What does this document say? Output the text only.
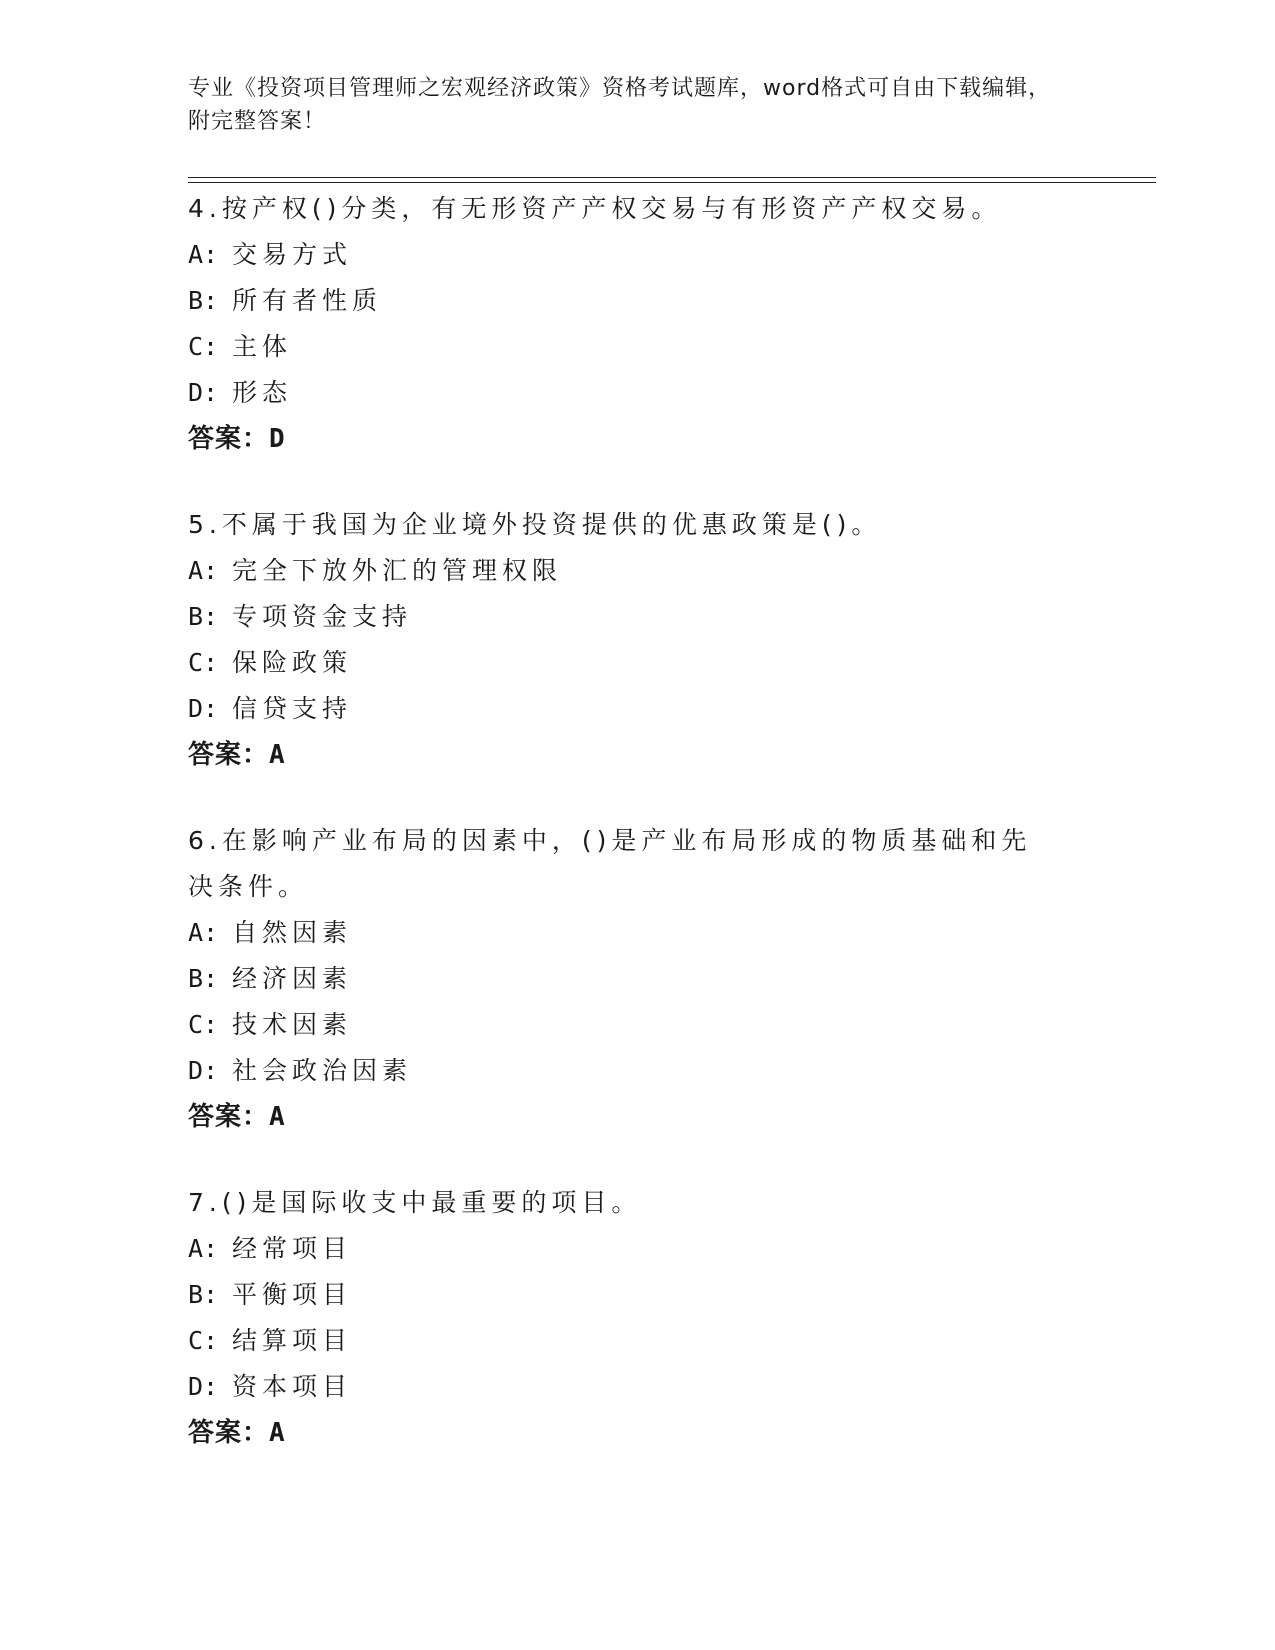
专业《投资项目管理师之宏观经济政策》资格考试题库，word格式可自由下载编辑，附完整答案！
4.按产权()分类，有无形资产产权交易与有形资产产权交易。
A: 交易方式
B: 所有者性质
C: 主体
D: 形态
答案：D
5.不属于我国为企业境外投资提供的优惠政策是()。
A: 完全下放外汇的管理权限
B: 专项资金支持
C: 保险政策
D: 信贷支持
答案：A
6.在影响产业布局的因素中，()是产业布局形成的物质基础和先决条件。
A: 自然因素
B: 经济因素
C: 技术因素
D: 社会政治因素
答案：A
7.()是国际收支中最重要的项目。
A: 经常项目
B: 平衡项目
C: 结算项目
D: 资本项目
答案：A
